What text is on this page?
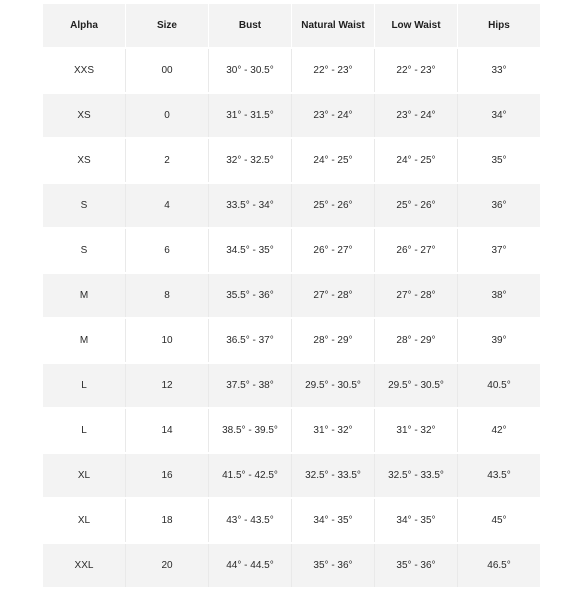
Alpha	Size	Bust	Natural Waist	Low Waist	Hips
XXS	00	30° - 30.5°	22° - 23°	22° - 23°	33°
XS	0	31° - 31.5°	23° - 24°	23° - 24°	34°
XS	2	32° - 32.5°	24° - 25°	24° - 25°	35°
S	4	33.5° - 34°	25° - 26°	25° - 26°	36°
S	6	34.5° - 35°	26° - 27°	26° - 27°	37°
M	8	35.5° - 36°	27° - 28°	27° - 28°	38°
M	10	36.5° - 37°	28° - 29°	28° - 29°	39°
L	12	37.5° - 38°	29.5° - 30.5°	29.5° - 30.5°	40.5°
L	14	38.5° - 39.5°	31° - 32°	31° - 32°	42°
XL	16	41.5° - 42.5°	32.5° - 33.5°	32.5° - 33.5°	43.5°
XL	18	43° - 43.5°	34° - 35°	34° - 35°	45°
XXL	20	44° - 44.5°	35° - 36°	35° - 36°	46.5°
